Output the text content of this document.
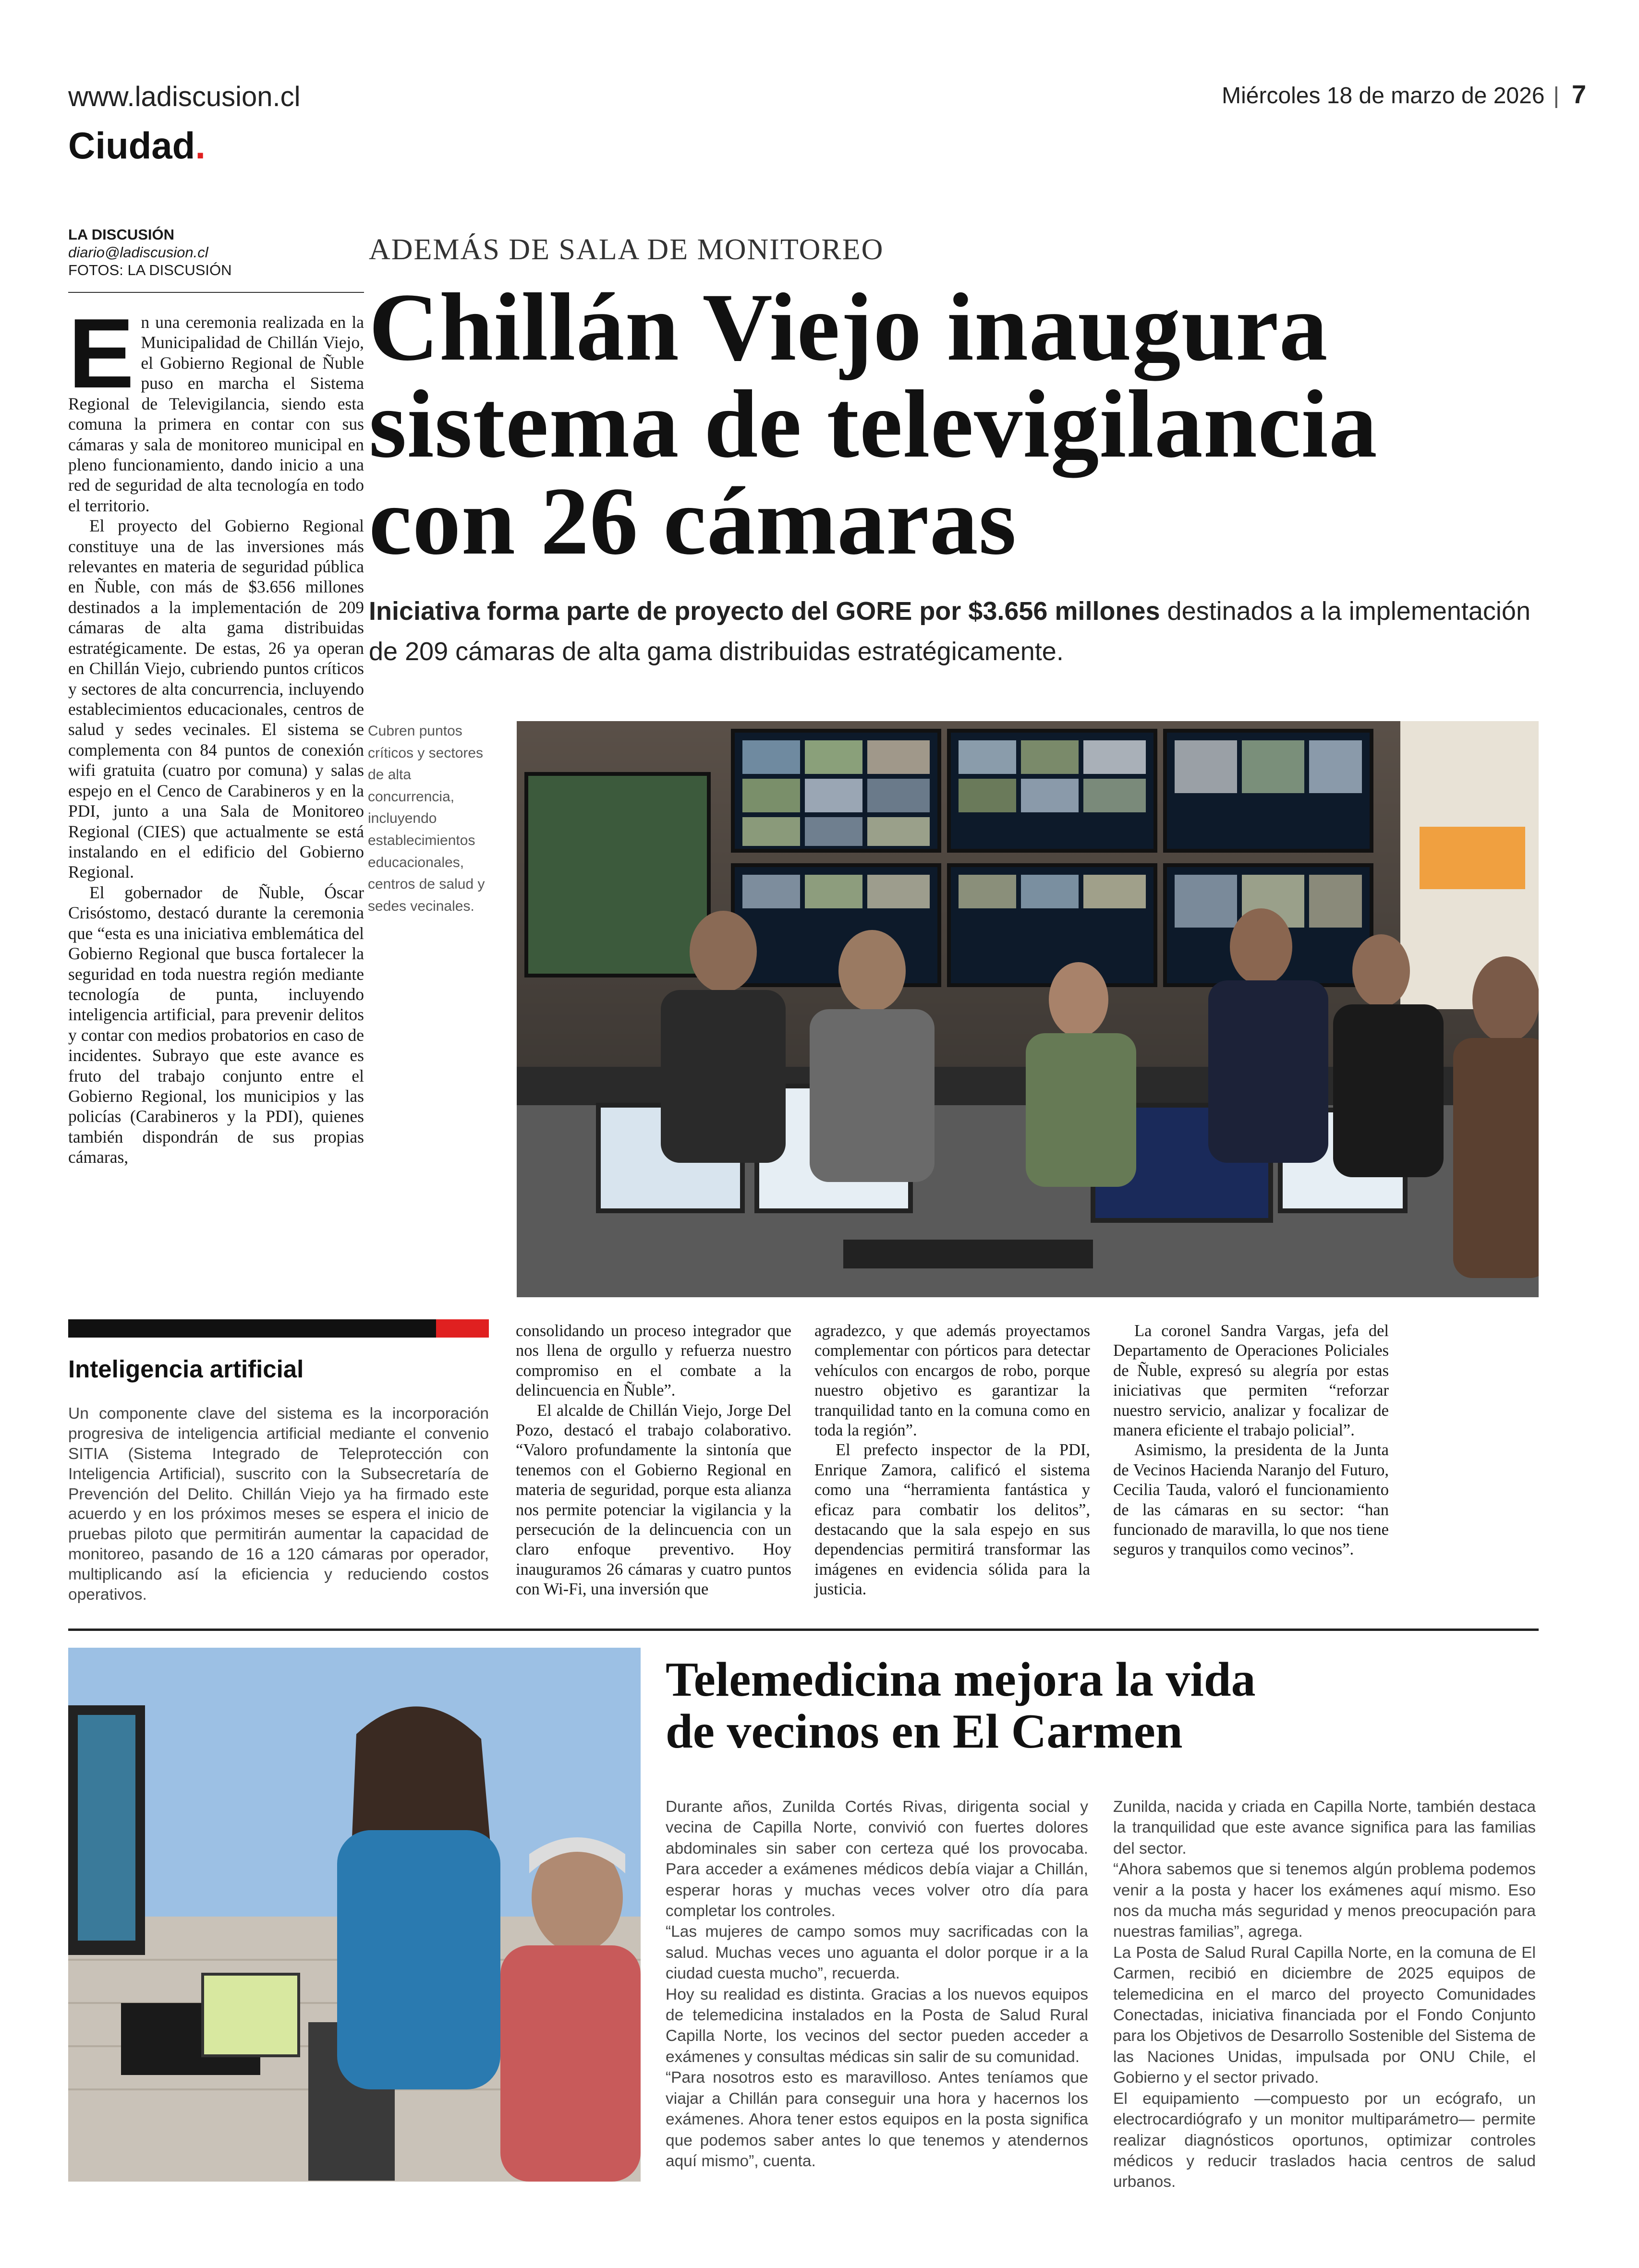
www.ladiscusion.cl
Ciudad.
Miércoles 18 de marzo de 2026 | 7
LA DISCUSIÓN
diario@ladiscusion.cl
FOTOS: LA DISCUSIÓN
ADEMÁS DE SALA DE MONITOREO
Chillán Viejo inaugura
sistema de televigilancia
con 26 cámaras
Iniciativa forma parte de proyecto del GORE por $3.656 millones destinados a la implementación de 209 cámaras de alta gama distribuidas estratégicamente.

En una ceremonia realizada en la Municipalidad de Chillán Viejo, el Gobierno Regional de Ñuble puso en marcha el Sistema Regional de Televigilancia, siendo esta comuna la primera en contar con sus cámaras y sala de monitoreo municipal en pleno funcionamiento, dando inicio a una red de seguridad de alta tecnología en todo el territorio.

El proyecto del Gobierno Regional constituye una de las inversiones más relevantes en materia de seguridad pública en Ñuble, con más de $3.656 millones destinados a la implementación de 209 cámaras de alta gama distribuidas estratégicamente. De estas, 26 ya operan en Chillán Viejo, cubriendo puntos críticos y sectores de alta concurrencia, incluyendo establecimientos educacionales, centros de salud y sedes vecinales. El sistema se complementa con 84 puntos de conexión wifi gratuita (cuatro por comuna) y salas espejo en el Cenco de Carabineros y en la PDI, junto a una Sala de Monitoreo Regional (CIES) que actualmente se está instalando en el edificio del Gobierno Regional.

El gobernador de Ñuble, Óscar Crisóstomo, destacó durante la ceremonia que “esta es una iniciativa emblemática del Gobierno Regional que busca fortalecer la seguridad en toda nuestra región mediante tecnología de punta, incluyendo inteligencia artificial, para prevenir delitos y contar con medios probatorios en caso de incidentes. Subrayo que este avance es fruto del trabajo conjunto entre el Gobierno Regional, los municipios y las policías (Carabineros y la PDI), quienes también dispondrán de sus propias cámaras,

Cubren puntos críticos y sectores de alta concurrencia, incluyendo establecimientos educacionales, centros de salud y sedes vecinales.
Inteligencia artificial
Un componente clave del sistema es la incorporación progresiva de inteligencia artificial mediante el convenio SITIA (Sistema Integrado de Teleprotección con Inteligencia Artificial), suscrito con la Subsecretaría de Prevención del Delito. Chillán Viejo ya ha firmado este acuerdo y en los próximos meses se espera el inicio de pruebas piloto que permitirán aumentar la capacidad de monitoreo, pasando de 16 a 120 cámaras por operador, multiplicando así la eficiencia y reduciendo costos operativos.

consolidando un proceso integrador que nos llena de orgullo y refuerza nuestro compromiso en el combate a la delincuencia en Ñuble”.

El alcalde de Chillán Viejo, Jorge Del Pozo, destacó el trabajo colaborativo. “Valoro profundamente la sintonía que tenemos con el Gobierno Regional en materia de seguridad, porque esta alianza nos permite potenciar la vigilancia y la persecución de la delincuencia con un claro enfoque preventivo. Hoy inauguramos 26 cámaras y cuatro puntos con Wi-Fi, una inversión que

agradezco, y que además proyectamos complementar con pórticos para detectar vehículos con encargos de robo, porque nuestro objetivo es garantizar la tranquilidad tanto en la comuna como en toda la región”.

El prefecto inspector de la PDI, Enrique Zamora, calificó el sistema como una “herramienta fantástica y eficaz para combatir los delitos”, destacando que la sala espejo en sus dependencias permitirá transformar las imágenes en evidencia sólida para la justicia.

La coronel Sandra Vargas, jefa del Departamento de Operaciones Policiales de Ñuble, expresó su alegría por estas iniciativas que permiten “reforzar nuestro servicio, analizar y focalizar de manera eficiente el trabajo policial”.

Asimismo, la presidenta de la Junta de Vecinos Hacienda Naranjo del Futuro, Cecilia Tauda, valoró el funcionamiento de las cámaras en su sector: “han funcionado de maravilla, lo que nos tiene seguros y tranquilos como vecinos”.

Telemedicina mejora la vida
de vecinos en El Carmen

Durante años, Zunilda Cortés Rivas, dirigenta social y vecina de Capilla Norte, convivió con fuertes dolores abdominales sin saber con certeza qué los provocaba. Para acceder a exámenes médicos debía viajar a Chillán, esperar horas y muchas veces volver otro día para completar los controles.

“Las mujeres de campo somos muy sacrificadas con la salud. Muchas veces uno aguanta el dolor porque ir a la ciudad cuesta mucho”, recuerda.

Hoy su realidad es distinta. Gracias a los nuevos equipos de telemedicina instalados en la Posta de Salud Rural Capilla Norte, los vecinos del sector pueden acceder a exámenes y consultas médicas sin salir de su comunidad.

“Para nosotros esto es maravilloso. Antes teníamos que viajar a Chillán para conseguir una hora y hacernos los exámenes. Ahora tener estos equipos en la posta significa que podemos saber antes lo que tenemos y atendernos aquí mismo”, cuenta.

Zunilda, nacida y criada en Capilla Norte, también destaca la tranquilidad que este avance significa para las familias del sector.

“Ahora sabemos que si tenemos algún problema podemos venir a la posta y hacer los exámenes aquí mismo. Eso nos da mucha más seguridad y menos preocupación para nuestras familias”, agrega.

La Posta de Salud Rural Capilla Norte, en la comuna de El Carmen, recibió en diciembre de 2025 equipos de telemedicina en el marco del proyecto Comunidades Conectadas, iniciativa financiada por el Fondo Conjunto para los Objetivos de Desarrollo Sostenible del Sistema de las Naciones Unidas, impulsada por ONU Chile, el Gobierno y el sector privado.

El equipamiento —compuesto por un ecógrafo, un electrocardiógrafo y un monitor multiparámetro— permite realizar diagnósticos oportunos, optimizar controles médicos y reducir traslados hacia centros de salud urbanos.
